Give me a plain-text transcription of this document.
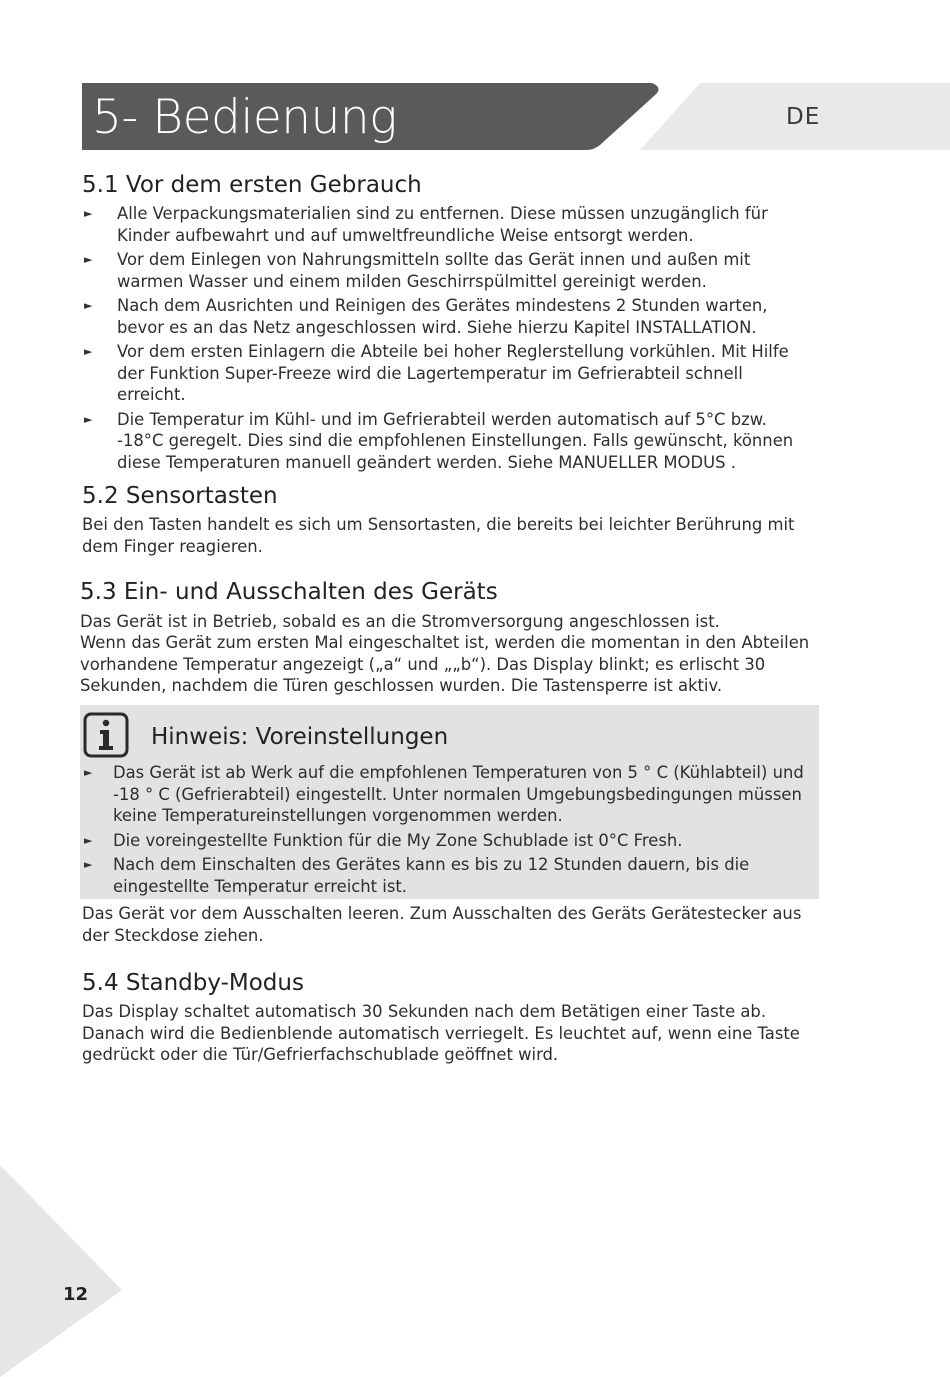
5- Bedienung	DE
5.1 Vor dem ersten Gebrauch
► Alle Verpackungsmaterialien sind zu entfernen. Diese müssen unzugänglich für Kinder aufbewahrt und auf umweltfreundliche Weise entsorgt werden.
► Vor dem Einlegen von Nahrungsmitteln sollte das Gerät innen und außen mit warmen Wasser und einem milden Geschirrspülmittel gereinigt werden.
► Nach dem Ausrichten und Reinigen des Gerätes mindestens 2 Stunden warten, bevor es an das Netz angeschlossen wird. Siehe hierzu Kapitel INSTALLATION.
► Vor dem ersten Einlagern die Abteile bei hoher Reglerstellung vorkühlen. Mit Hilfe der Funktion Super-Freeze wird die Lagertemperatur im Gefrierabteil schnell erreicht.
► Die Temperatur im Kühl- und im Gefrierabteil werden automatisch auf 5°C bzw. -18°C geregelt. Dies sind die empfohlenen Einstellungen. Falls gewünscht, können diese Temperaturen manuell geändert werden. Siehe MANUELLER MODUS .
5.2 Sensortasten

Bei den Tasten handelt es sich um Sensortasten, die bereits bei leichter Berührung mit dem Finger reagieren.

5.3 Ein- und Ausschalten des Geräts

Das Gerät ist in Betrieb, sobald es an die Stromversorgung angeschlossen ist.

Wenn das Gerät zum ersten Mal eingeschaltet ist, werden die momentan in den Abteilen vorhandene Temperatur angezeigt („a“ und „„b“). Das Display blinkt; es erlischt 30 Sekunden, nachdem die Türen geschlossen wurden. Die Tastensperre ist aktiv.

Hinweis: Voreinstellungen
► Das Gerät ist ab Werk auf die empfohlenen Temperaturen von 5 ° C (Kühlabteil) und -18 ° C (Gefrierabteil) eingestellt. Unter normalen Umgebungsbedingungen müssen keine Temperatureinstellungen vorgenommen werden.
► Die voreingestellte Funktion für die My Zone Schublade ist 0°C Fresh.
► Nach dem Einschalten des Gerätes kann es bis zu 12 Stunden dauern, bis die eingestellte Temperatur erreicht ist.

Das Gerät vor dem Ausschalten leeren. Zum Ausschalten des Geräts Gerätestecker aus der Steckdose ziehen.

5.4 Standby-Modus

Das Display schaltet automatisch 30 Sekunden nach dem Betätigen einer Taste ab. Danach wird die Bedienblende automatisch verriegelt. Es leuchtet auf, wenn eine Taste gedrückt oder die Tür/Gefrierfachschublade geöffnet wird.

12
